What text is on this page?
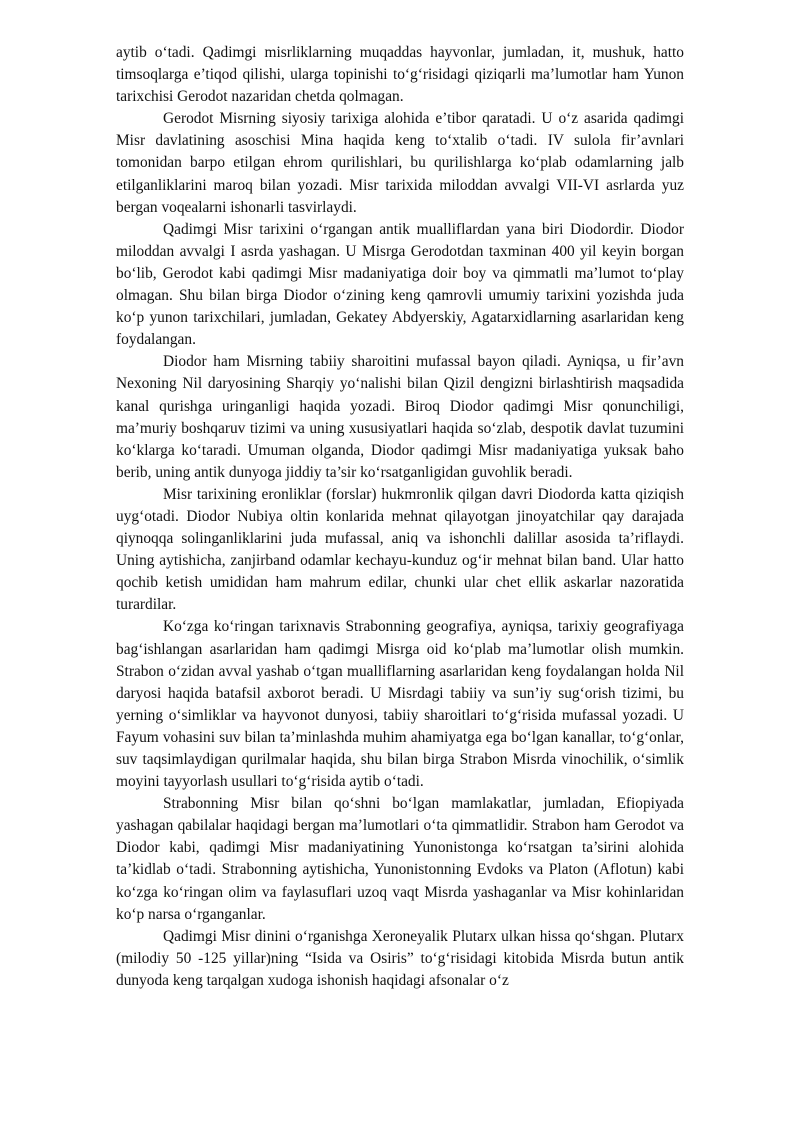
aytib o‘tadi. Qadimgi misrliklarning muqaddas hayvonlar, jumladan, it, mushuk, hatto timsoqlarga e’tiqod qilishi, ularga topinishi to‘g‘risidagi qiziqarli ma’lumotlar ham Yunon tarixchisi Gerodot nazaridan chetda qolmagan.

Gerodot Misrning siyosiy tarixiga alohida e’tibor qaratadi. U o‘z asarida qadimgi Misr davlatining asoschisi Mina haqida keng to‘xtalib o‘tadi. IV sulola fir’avnlari tomonidan barpo etilgan ehrom qurilishlari, bu qurilishlarga ko‘plab odamlarning jalb etilganliklarini maroq bilan yozadi. Misr tarixida miloddan avvalgi VII-VI asrlarda yuz bergan voqealarni ishonarli tasvirlaydi.

Qadimgi Misr tarixini o‘rgangan antik mualliflardan yana biri Diodordir. Diodor miloddan avvalgi I asrda yashagan. U Misrga Gerodotdan taxminan 400 yil keyin borgan bo‘lib, Gerodot kabi qadimgi Misr madaniyatiga doir boy va qimmatli ma’lumot to‘play olmagan. Shu bilan birga Diodor o‘zining keng qamrovli umumiy tarixini yozishda juda ko‘p yunon tarixchilari, jumladan, Gekatey Abdyerskiy, Agatarxidlarning asarlaridan keng foydalangan.

Diodor ham Misrning tabiiy sharoitini mufassal bayon qiladi. Ayniqsa, u fir’avn Nexoning Nil daryosining Sharqiy yo‘nalishi bilan Qizil dengizni birlashtirish maqsadida kanal qurishga uringanligi haqida yozadi. Biroq Diodor qadimgi Misr qonunchiligi, ma’muriy boshqaruv tizimi va uning xususiyatlari haqida so‘zlab, despotik davlat tuzumini ko‘klarga ko‘taradi. Umuman olganda, Diodor qadimgi Misr madaniyatiga yuksak baho berib, uning antik dunyoga jiddiy ta’sir ko‘rsatganligidan guvohlik beradi.

Misr tarixining eronliklar (forslar) hukmronlik qilgan davri Diodorda katta qiziqish uyg‘otadi. Diodor Nubiya oltin konlarida mehnat qilayotgan jinoyatchilar qay darajada qiynoqqa solinganliklarini juda mufassal, aniq va ishonchli dalillar asosida ta’riflaydi. Uning aytishicha, zanjirband odamlar kechayu-kunduz og‘ir mehnat bilan band. Ular hatto qochib ketish umididan ham mahrum edilar, chunki ular chet ellik askarlar nazoratida turardilar.

Ko‘zga ko‘ringan tarixnavis Strabonning geografiya, ayniqsa, tarixiy geografiyaga bag‘ishlangan asarlaridan ham qadimgi Misrga oid ko‘plab ma’lumotlar olish mumkin. Strabon o‘zidan avval yashab o‘tgan mualliflarning asarlaridan keng foydalangan holda Nil daryosi haqida batafsil axborot beradi. U Misrdagi tabiiy va sun’iy sug‘orish tizimi, bu yerning o‘simliklar va hayvonot dunyosi, tabiiy sharoitlari to‘g‘risida mufassal yozadi. U Fayum vohasini suv bilan ta’minlashda muhim ahamiyatga ega bo‘lgan kanallar, to‘g‘onlar, suv taqsimlaydigan qurilmalar haqida, shu bilan birga Strabon Misrda vinochilik, o‘simlik moyini tayyorlash usullari to‘g‘risida aytib o‘tadi.

Strabonning Misr bilan qo‘shni bo‘lgan mamlakatlar, jumladan, Efiopiyada yashagan qabilalar haqidagi bergan ma’lumotlari o‘ta qimmatlidir. Strabon ham Gerodot va Diodor kabi, qadimgi Misr madaniyatining Yunonistonga ko‘rsatgan ta’sirini alohida ta’kidlab o‘tadi. Strabonning aytishicha, Yunonistonning Evdoks va Platon (Aflotun) kabi ko‘zga ko‘ringan olim va faylasuflari uzoq vaqt Misrda yashaganlar va Misr kohinlaridan ko‘p narsa o‘rganganlar.

Qadimgi Misr dinini o‘rganishga Xeroneyalik Plutarx ulkan hissa qo‘shgan. Plutarx (milodiy 50 -125 yillar)ning “Isida va Osiris” to‘g‘risidagi kitobida Misrda butun antik dunyoda keng tarqalgan xudoga ishonish haqidagi afsonalar o‘z
